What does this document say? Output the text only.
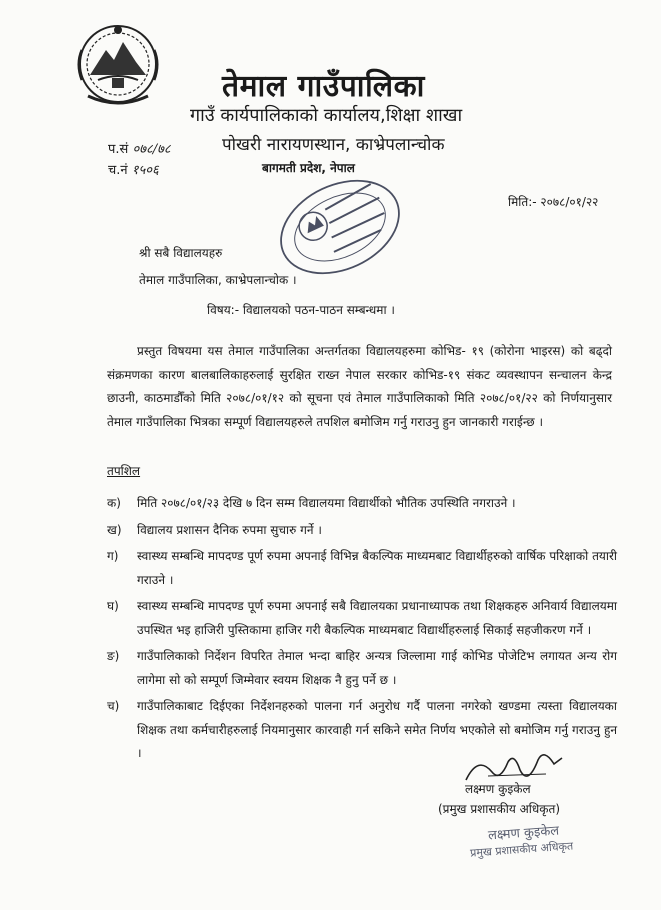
तेमाल गाउँपालिका
गाउँ कार्यपालिकाको कार्यालय,शिक्षा शाखा
पोखरी नारायणस्थान, काभ्रेपलान्चोक
बागमती प्रदेश, नेपाल
प.सं ०७८/७८
च.नं १५०६
मिति:- २०७८/०१/२२
श्री सबै विद्यालयहरु
तेमाल गाउँपालिका, काभ्रेपलान्चोक ।
विषय:- विद्यालयको पठन-पाठन सम्बन्धमा ।
प्रस्तुत विषयमा यस तेमाल गाउँपालिका अन्तर्गतका विद्यालयहरुमा कोभिड- १९ (कोरोना भाइरस) को बढ्दो संक्रमणका कारण बालबालिकाहरुलाई सुरक्षित राख्न नेपाल सरकार कोभिड-१९ संकट व्यवस्थापन सन्चालन केन्द्र छाउनी, काठमाडौँको मिति २०७८/०१/१२ को सूचना एवं तेमाल गाउँपालिकाको मिति २०७८/०१/२२ को निर्णयानुसार तेमाल गाउँपालिका भित्रका सम्पूर्ण विद्यालयहरुले तपशिल बमोजिम गर्नु गराउनु हुन जानकारी गराईन्छ ।
तपशिल
क)	मिति २०७८/०१/२३ देखि ७ दिन सम्म विद्यालयमा विद्यार्थीको भौतिक उपस्थिति नगराउने ।
ख)	विद्यालय प्रशासन दैनिक रुपमा सुचारु गर्ने ।
ग)	स्वास्थ्य सम्बन्धि मापदण्ड पूर्ण रुपमा अपनाई विभिन्न बैकल्पिक माध्यमबाट विद्यार्थीहरुको वार्षिक परिक्षाको तयारी गराउने ।
घ)	स्वास्थ्य सम्बन्धि मापदण्ड पूर्ण रुपमा अपनाई सबै विद्यालयका प्रधानाध्यापक तथा शिक्षकहरु अनिवार्य विद्यालयमा उपस्थित भइ हाजिरी पुस्तिकामा हाजिर गरी बैकल्पिक माध्यमबाट विद्यार्थीहरुलाई सिकाई सहजीकरण गर्ने ।
ङ)	गाउँपालिकाको निर्देशन विपरित तेमाल भन्दा बाहिर अन्यत्र जिल्लामा गाई कोभिड पोजेटिभ लगायत अन्य रोग लागेमा सो को सम्पूर्ण जिम्मेवार स्वयम शिक्षक नै हुनु पर्ने छ ।
च)	गाउँपालिकाबाट दिईएका निर्देशनहरुको पालना गर्न अनुरोध गर्दै पालना नगरेको खण्डमा त्यस्ता विद्यालयका शिक्षक तथा कर्मचारीहरुलाई नियमानुसार कारवाही गर्न सकिने समेत निर्णय भएकोले सो बमोजिम गर्नु गराउनु हुन ।
लक्ष्मण कुइकेल
(प्रमुख प्रशासकीय अधिकृत)
लक्ष्मण कुइकेल
प्रमुख प्रशासकीय अधिकृत
